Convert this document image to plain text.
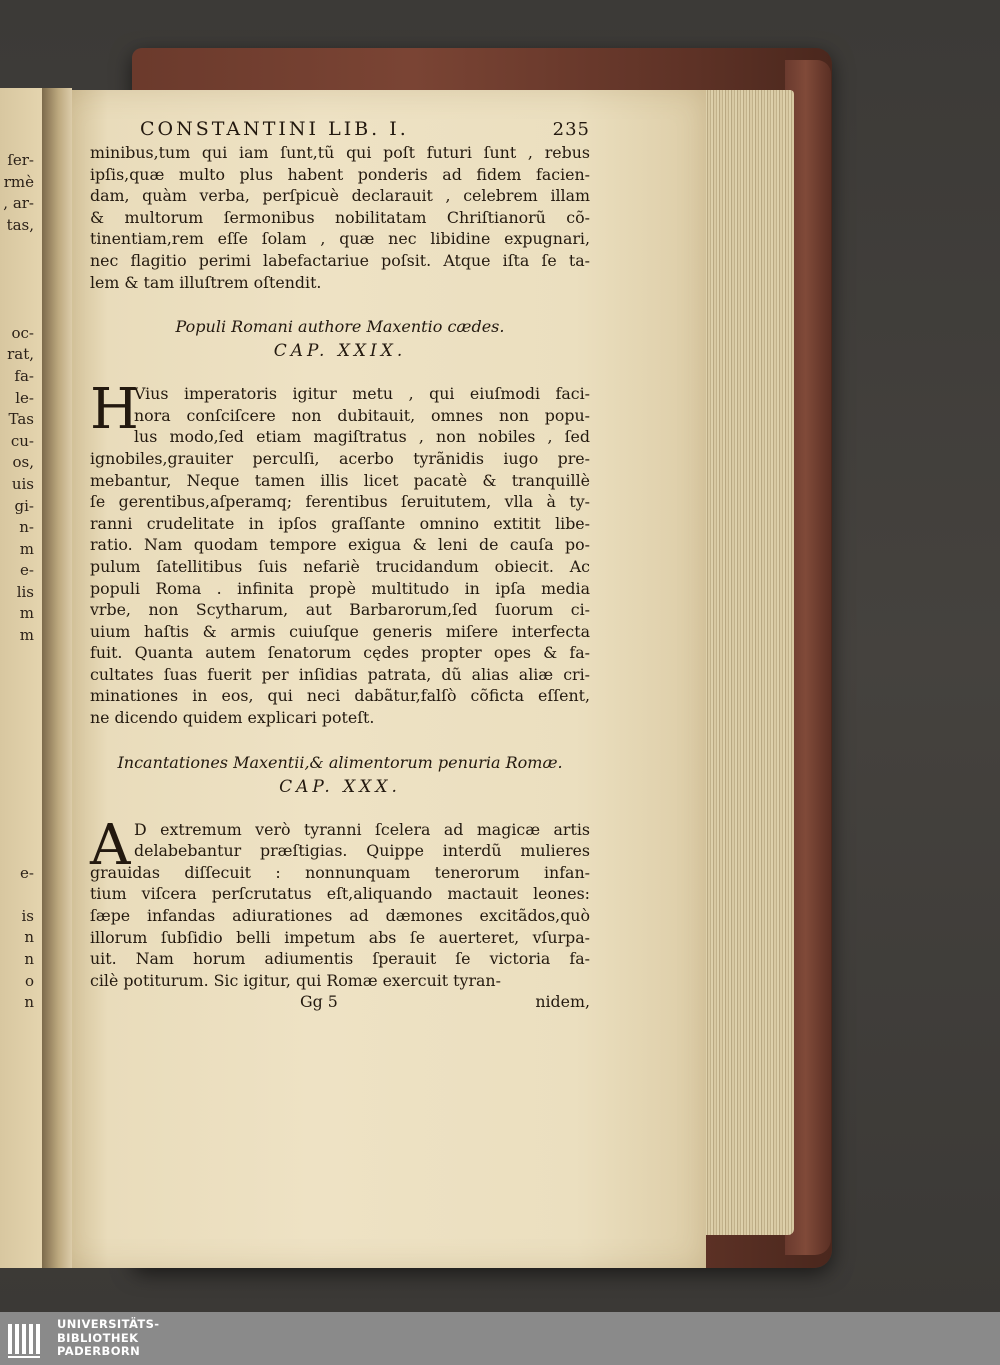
ſer-
rmè
, ar-
tas,
oc-
rat,
fa-
le-
Tas
cu-
os,
uis
gi-
n-
m
e-
lis
m
m
e-
is
n
n
o
n
CONSTANTINI LIB. I.	235
minibus,tum qui iam ſunt,tũ qui poſt futuri ſunt , rebus
ipſis,quæ multo plus habent ponderis ad fidem facien-
dam, quàm verba, perſpicuè declarauit , celebrem illam
& multorum ſermonibus nobilitatam Chriſtianorũ cõ-
tinentiam,rem eſſe ſolam , quæ nec libidine expugnari,
nec flagitio perimi labefactariue poſsit. Atque iſta ſe ta-
lem & tam illuſtrem oſtendit.
Populi Romani authore Maxentio cædes.
CAP. XXIX.
H
Vius imperatoris igitur metu , qui eiuſmodi faci-
nora conſciſcere non dubitauit, omnes non popu-
lus modo,ſed etiam magiſtratus , non nobiles , ſed
ignobiles,grauiter perculſi, acerbo tyrãnidis iugo pre-
mebantur, Neque tamen illis licet pacatè & tranquillè
ſe gerentibus,aſperamq; ferentibus ſeruitutem, vlla à ty-
ranni crudelitate in ipſos graſſante omnino extitit libe-
ratio. Nam quodam tempore exigua & leni de cauſa po-
pulum ſatellitibus ſuis nefariè trucidandum obiecit. Ac
populi Roma . infinita propè multitudo in ipſa media
vrbe, non Scytharum, aut Barbarorum,ſed ſuorum ci-
uium haſtis & armis cuiuſque generis miſere interfecta
fuit. Quanta autem ſenatorum cędes propter opes & fa-
cultates ſuas fuerit per inſidias patrata, dũ alias aliæ cri-
minationes in eos, qui neci dabãtur,falſò cõficta eſſent,
ne dicendo quidem explicari poteſt.
Incantationes Maxentii,& alimentorum penuria Romæ.
CAP. XXX.
A D extremum verò tyranni ſcelera ad magicæ artis
delabebantur præſtigias. Quippe interdũ mulieres
grauidas diſſecuit : nonnunquam tenerorum infan-
tium viſcera perſcrutatus eſt,aliquando mactauit leones:
ſæpe infandas adiurationes ad dæmones excitãdos,quò
illorum ſubſidio belli impetum abs ſe auerteret, vſurpa-
uit. Nam horum adiumentis ſperauit ſe victoria fa-
cilè potiturum. Sic igitur, qui Romæ exercuit tyran-
Gg 5	nidem,
UNIVERSITÄTS-
BIBLIOTHEK
PADERBORN
